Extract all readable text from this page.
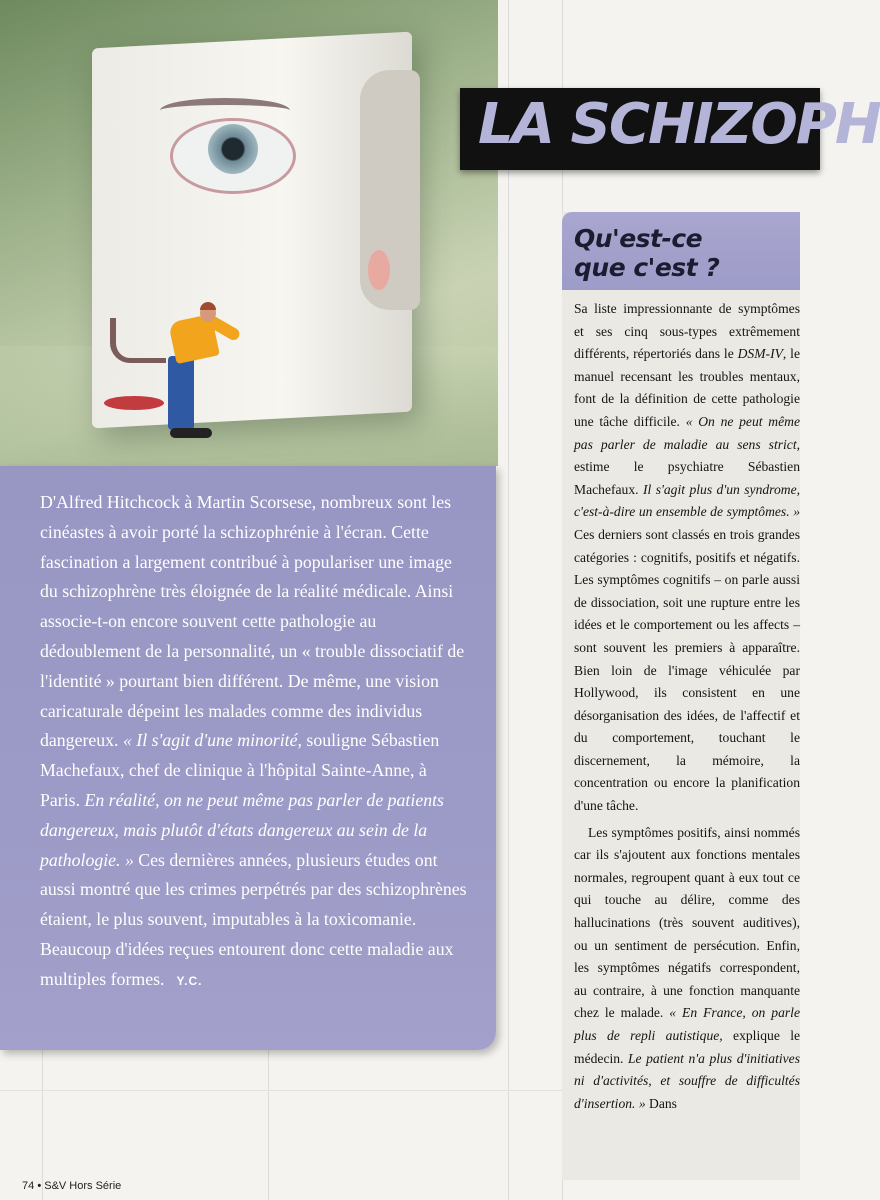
D'Alfred Hitchcock à Martin Scorsese, nombreux sont les cinéastes à avoir porté la schizophrénie à l'écran. Cette fascination a largement contribué à populariser une image du schizophrène très éloignée de la réalité médicale. Ainsi associe-t-on encore souvent cette pathologie au dédoublement de la personnalité, un « trouble dissociatif de l'identité » pourtant bien différent. De même, une vision caricaturale dépeint les malades comme des individus dangereux. « Il s'agit d'une minorité, souligne Sébastien Machefaux, chef de clinique à l'hôpital Sainte-Anne, à Paris. En réalité, on ne peut même pas parler de patients dangereux, mais plutôt d'états dangereux au sein de la pathologie. » Ces dernières années, plusieurs études ont aussi montré que les crimes perpétrés par des schizophrènes étaient, le plus souvent, imputables à la toxicomanie. Beaucoup d'idées reçues entourent donc cette maladie aux multiples formes. Y.C.
LA SCHIZOPH
Qu'est-ce
que c'est ?

Sa liste impressionnante de symptômes et ses cinq sous-types extrêmement différents, répertoriés dans le DSM-IV, le manuel recensant les troubles mentaux, font de la définition de cette pathologie une tâche difficile. « On ne peut même pas parler de maladie au sens strict, estime le psychiatre Sébastien Machefaux. Il s'agit plus d'un syndrome, c'est-à-dire un ensemble de symptômes. » Ces derniers sont classés en trois grandes catégories : cognitifs, positifs et négatifs. Les symptômes cognitifs – on parle aussi de dissociation, soit une rupture entre les idées et le comportement ou les affects – sont souvent les premiers à apparaître. Bien loin de l'image véhiculée par Hollywood, ils consistent en une désorganisation des idées, de l'affectif et du comportement, touchant le discernement, la mémoire, la concentration ou encore la planification d'une tâche.

Les symptômes positifs, ainsi nommés car ils s'ajoutent aux fonctions mentales normales, regroupent quant à eux tout ce qui touche au délire, comme des hallucinations (très souvent auditives), ou un sentiment de persécution. Enfin, les symptômes négatifs correspondent, au contraire, à une fonction manquante chez le malade. « En France, on parle plus de repli autistique, explique le médecin. Le patient n'a plus d'initiatives ni d'activités, et souffre de difficultés d'insertion. » Dans

74 • S&V Hors Série
